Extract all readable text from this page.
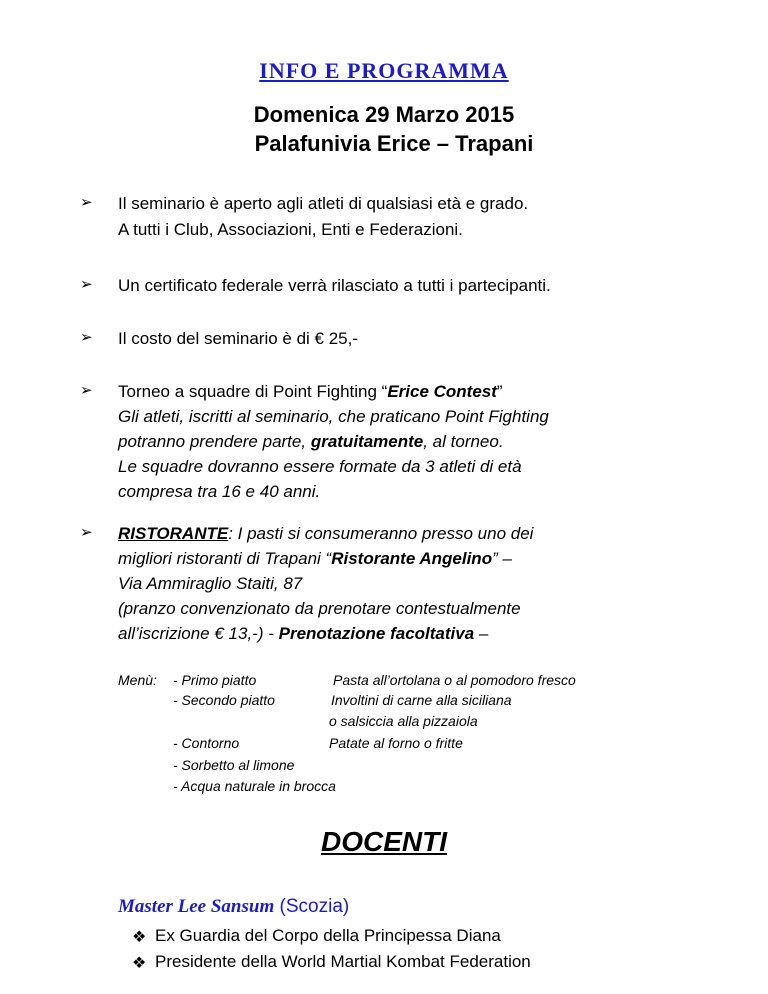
INFO E PROGRAMMA
Domenica 29 Marzo 2015
Palafunivia Erice – Trapani
➢ Il seminario è aperto agli atleti di qualsiasi età e grado.
A tutti i Club, Associazioni, Enti e Federazioni.
➢ Un certificato federale verrà rilasciato a tutti i partecipanti.
➢ Il costo del seminario è di € 25,-
➢ Torneo a squadre di Point Fighting “Erice Contest”
Gli atleti, iscritti al seminario, che praticano Point Fighting
potranno prendere parte, gratuitamente, al torneo.
Le squadre dovranno essere formate da 3 atleti di età
compresa tra 16 e 40 anni.
➢ RISTORANTE: I pasti si consumeranno presso uno dei
migliori ristoranti di Trapani “Ristorante Angelino” –
Via Ammiraglio Staiti, 87
(pranzo convenzionato da prenotare contestualmente
all’iscrizione € 13,-) - Prenotazione facoltativa –
Menù: - Primo piatto	Pasta all’ortolana o al pomodoro fresco
- Secondo piatto	Involtini di carne alla siciliana
o salsiccia alla pizzaiola
- Contorno	Patate al forno o fritte
- Sorbetto al limone
- Acqua naturale in brocca
DOCENTI
Master Lee Sansum (Scozia)
❖ Ex Guardia del Corpo della Principessa Diana
❖ Presidente della World Martial Kombat Federation
